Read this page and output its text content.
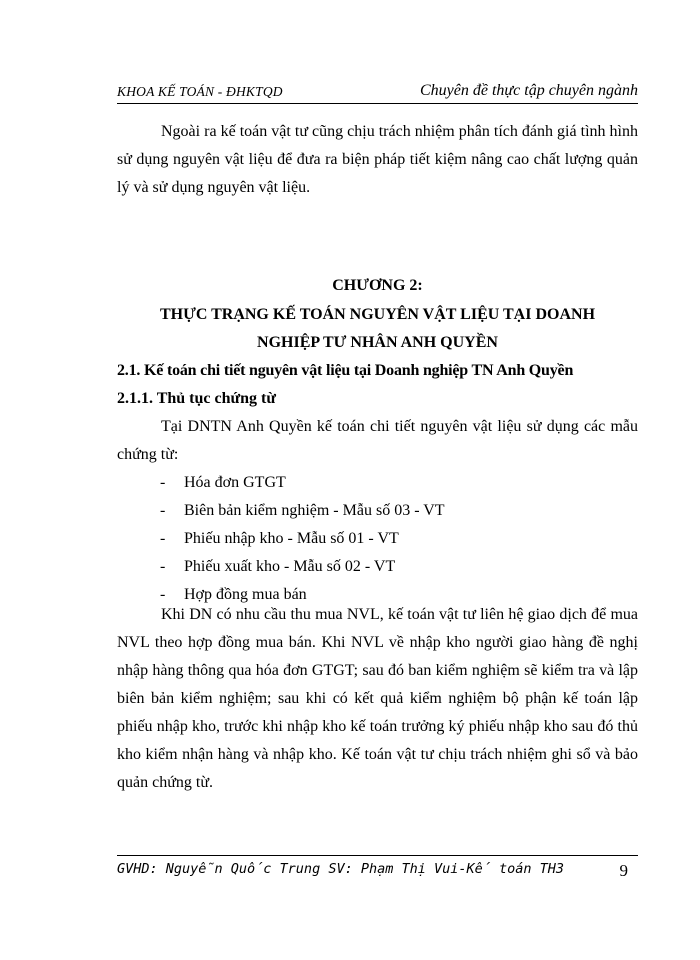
KHOA KẾ TOÁN - ĐHKTQD	Chuyên đề thực tập chuyên ngành

Ngoài ra kế toán vật tư cũng chịu trách nhiệm phân tích đánh giá tình hình sử dụng nguyên vật liệu để đưa ra biện pháp tiết kiệm nâng cao chất lượng quản lý và sử dụng nguyên vật liệu.

CHƯƠNG 2:
THỰC TRẠNG KẾ TOÁN NGUYÊN VẬT LIỆU TẠI DOANH
NGHIỆP TƯ NHÂN ANH QUYỀN
2.1. Kế toán chi tiết nguyên vật liệu tại Doanh nghiệp TN Anh Quyền
2.1.1. Thủ tục chứng từ

Tại DNTN Anh Quyền kế toán chi tiết nguyên vật liệu sử dụng các mẫu chứng từ:

-	Hóa đơn GTGT
-	Biên bản kiểm nghiệm - Mẫu số 03 - VT
-	Phiếu nhập kho - Mẫu số 01 - VT
-	Phiếu xuất kho - Mẫu số 02 - VT
-	Hợp đồng mua bán

Khi DN có nhu cầu thu mua NVL, kế toán vật tư liên hệ giao dịch để mua NVL theo hợp đồng mua bán. Khi NVL về nhập kho người giao hàng đề nghị nhập hàng thông qua hóa đơn GTGT; sau đó ban kiểm nghiệm sẽ kiểm tra và lập biên bản kiểm nghiệm; sau khi có kết quả kiểm nghiệm bộ phận kế toán lập phiếu nhập kho, trước khi nhập kho kế toán trưởng ký phiếu nhập kho sau đó thủ kho kiểm nhận hàng và nhập kho. Kế toán vật tư chịu trách nhiệm ghi sổ và bảo quản chứng từ.

GVHD: Nguyễn Quốc Trung SV: Phạm Thị Vui-Kế toán TH3	9
